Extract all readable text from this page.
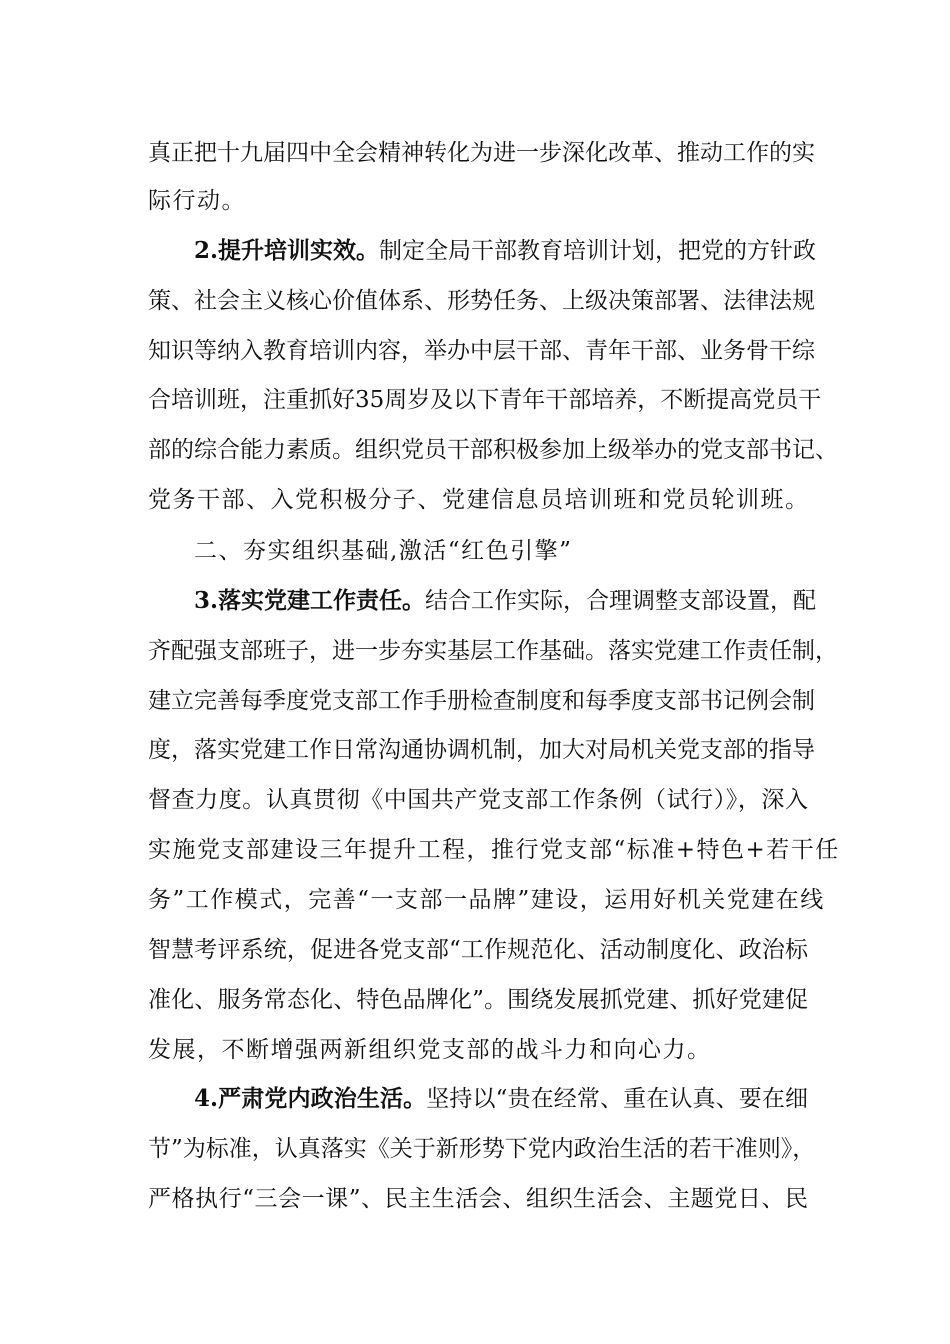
真正把十九届四中全会精神转化为进一步深化改革、推动工作的实
际行动。
2.提升培训实效。制定全局干部教育培训计划，把党的方针政
策、社会主义核心价值体系、形势任务、上级决策部署、法律法规
知识等纳入教育培训内容，举办中层干部、青年干部、业务骨干综
合培训班，注重抓好35周岁及以下青年干部培养，不断提高党员干
部的综合能力素质。组织党员干部积极参加上级举办的党支部书记、
党务干部、入党积极分子、党建信息员培训班和党员轮训班。
二、夯实组织基础,激活“红色引擎”
3.落实党建工作责任。结合工作实际，合理调整支部设置，配
齐配强支部班子，进一步夯实基层工作基础。落实党建工作责任制，
建立完善每季度党支部工作手册检查制度和每季度支部书记例会制
度，落实党建工作日常沟通协调机制，加大对局机关党支部的指导
督查力度。认真贯彻《中国共产党支部工作条例（试行）》，深入
实施党支部建设三年提升工程，推行党支部“标准+特色+若干任
务”工作模式，完善“一支部一品牌”建设，运用好机关党建在线
智慧考评系统，促进各党支部“工作规范化、活动制度化、政治标
准化、服务常态化、特色品牌化”。围绕发展抓党建、抓好党建促
发展，不断增强两新组织党支部的战斗力和向心力。
4.严肃党内政治生活。坚持以“贵在经常、重在认真、要在细
节”为标准，认真落实《关于新形势下党内政治生活的若干准则》，
严格执行“三会一课”、民主生活会、组织生活会、主题党日、民
